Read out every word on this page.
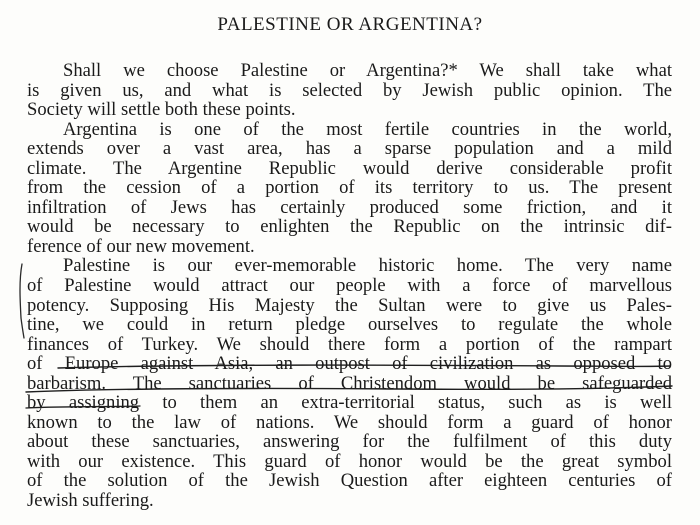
PALESTINE OR ARGENTINA?
Shall we choose Palestine or Argentina?* We shall take what
is given us, and what is selected by Jewish public opinion. The
Society will settle both these points.
Argentina is one of the most fertile countries in the world,
extends over a vast area, has a sparse population and a mild
climate. The Argentine Republic would derive considerable profit
from the cession of a portion of its territory to us. The present
infiltration of Jews has certainly produced some friction, and it
would be necessary to enlighten the Republic on the intrinsic dif-
ference of our new movement.
Palestine is our ever-memorable historic home. The very name
of Palestine would attract our people with a force of marvellous
potency. Supposing His Majesty the Sultan were to give us Pales-
tine, we could in return pledge ourselves to regulate the whole
finances of Turkey. We should there form a portion of the rampart
of Europe against Asia, an outpost of civilization as opposed to
barbarism. The sanctuaries of Christendom would be safeguarded
by assigning to them an extra-territorial status, such as is well
known to the law of nations. We should form a guard of honor
about these sanctuaries, answering for the fulfilment of this duty
with our existence. This guard of honor would be the great symbol
of the solution of the Jewish Question after eighteen centuries of
Jewish suffering.
